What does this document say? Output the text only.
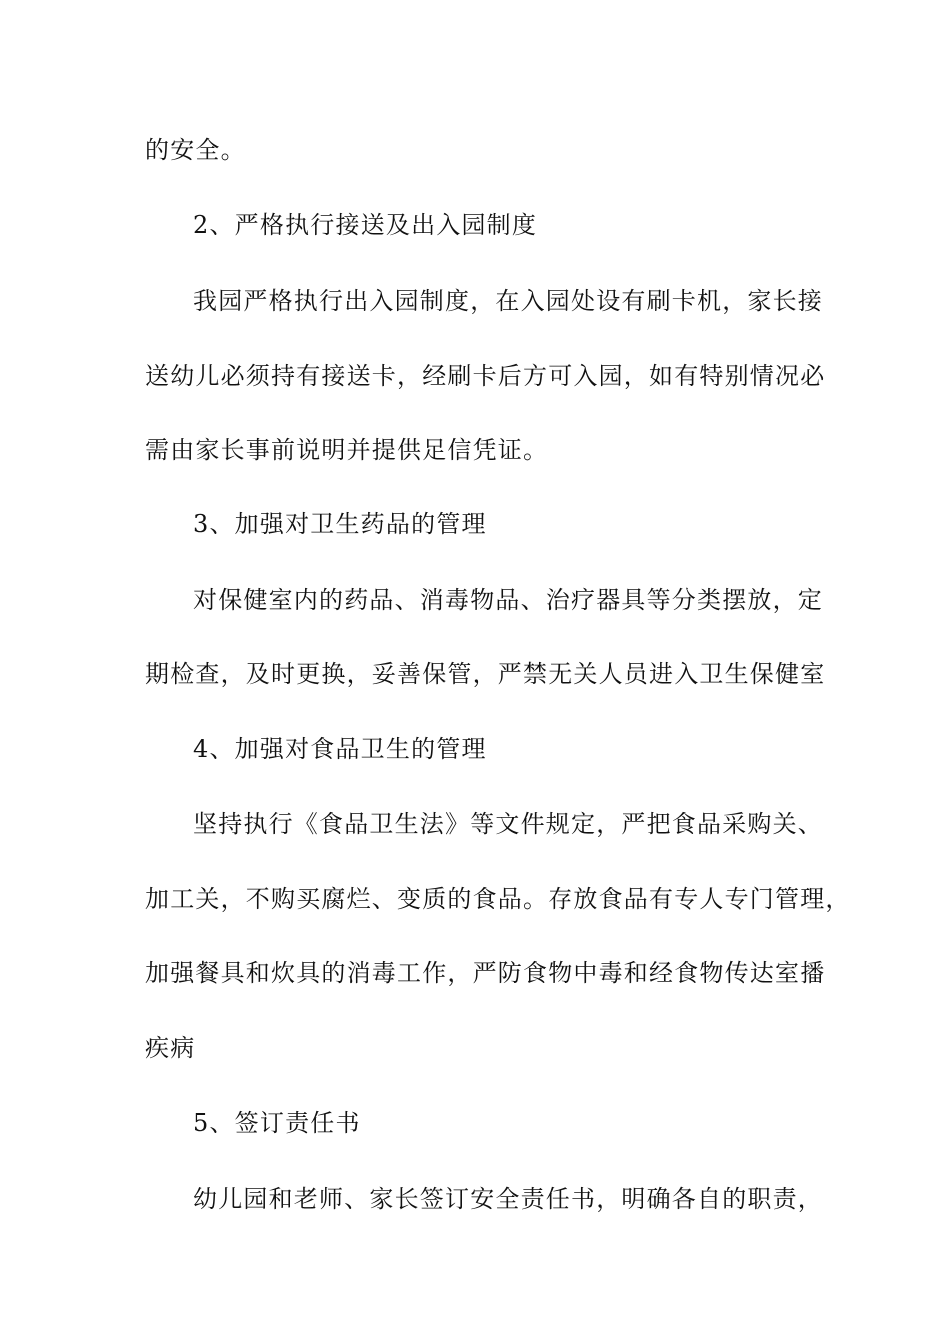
的安全。
2、严格执行接送及出入园制度
我园严格执行出入园制度，在入园处设有刷卡机，家长接
送幼儿必须持有接送卡，经刷卡后方可入园，如有特别情况必
需由家长事前说明并提供足信凭证。
3、加强对卫生药品的管理
对保健室内的药品、消毒物品、治疗器具等分类摆放，定
期检查，及时更换，妥善保管，严禁无关人员进入卫生保健室
4、加强对食品卫生的管理
坚持执行《食品卫生法》等文件规定，严把食品采购关、
加工关，不购买腐烂、变质的食品。存放食品有专人专门管理，
加强餐具和炊具的消毒工作，严防食物中毒和经食物传达室播
疾病
5、签订责任书
幼儿园和老师、家长签订安全责任书，明确各自的职责，
